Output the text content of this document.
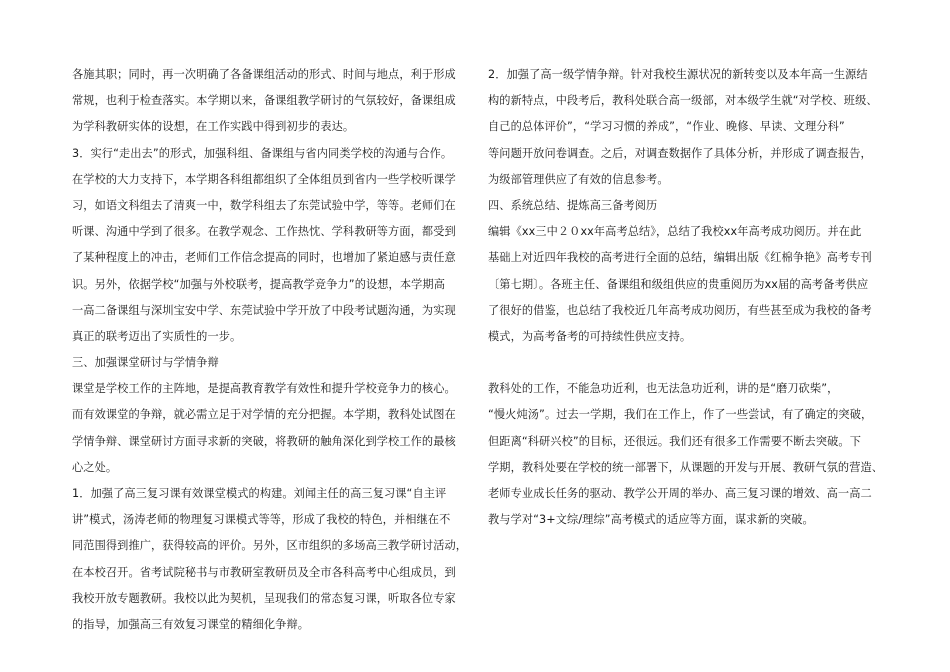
各施其职；同时，再一次明确了各备课组活动的形式、时间与地点，利于形成
常规，也利于检查落实。本学期以来，备课组教学研讨的气氛较好，备课组成
为学科教研实体的设想，在工作实践中得到初步的表达。
3．实行“走出去”的形式，加强科组、备课组与省内同类学校的沟通与合作。
在学校的大力支持下，本学期各科组都组织了全体组员到省内一些学校听课学
习，如语文科组去了清爽一中，数学科组去了东莞试验中学，等等。老师们在
听课、沟通中学到了很多。在教学观念、工作热忱、学科教研等方面，都受到
了某种程度上的冲击，老师们工作信念提高的同时，也增加了紧迫感与责任意
识。另外，依据学校“加强与外校联考，提高教学竞争力”的设想，本学期高
一高二备课组与深圳宝安中学、东莞试验中学开放了中段考试题沟通，为实现
真正的联考迈出了实质性的一步。
三、加强课堂研讨与学情争辩
课堂是学校工作的主阵地，是提高教育教学有效性和提升学校竞争力的核心。
而有效课堂的争辩，就必需立足于对学情的充分把握。本学期，教科处试图在
学情争辩、课堂研讨方面寻求新的突破，将教研的触角深化到学校工作的最核
心之处。
1．加强了高三复习课有效课堂模式的构建。刘闻主任的高三复习课“自主评
讲”模式，汤涛老师的物理复习课模式等等，形成了我校的特色，并相继在不
同范围得到推广，获得较高的评价。另外，区市组织的多场高三教学研讨活动，
在本校召开。省考试院秘书与市教研室教研员及全市各科高考中心组成员，到
我校开放专题教研。我校以此为契机，呈现我们的常态复习课，听取各位专家
的指导，加强高三有效复习课堂的精细化争辩。
2．加强了高一级学情争辩。针对我校生源状况的新转变以及本年高一生源结
构的新特点，中段考后，教科处联合高一级部，对本级学生就“对学校、班级、
自己的总体评价”，“学习习惯的养成”，“作业、晚修、早读、文理分科”
等问题开放问卷调查。之后，对调查数据作了具体分析，并形成了调查报告，
为级部管理供应了有效的信息参考。
四、系统总结、提炼高三备考阅历
编辑《xx三中２０xx年高考总结》，总结了我校xx年高考成功阅历。并在此
基础上对近四年我校的高考进行全面的总结，编辑出版《红棉争艳》高考专刊
〔第七期〕。各班主任、备课组和级组供应的贵重阅历为xx届的高考备考供应
了很好的借鉴，也总结了我校近几年高考成功阅历，有些甚至成为我校的备考
模式，为高考备考的可持续性供应支持。
教科处的工作，不能急功近利，也无法急功近利，讲的是“磨刀砍柴”，
“慢火炖汤”。过去一学期，我们在工作上，作了一些尝试，有了确定的突破，
但距离“科研兴校”的目标，还很远。我们还有很多工作需要不断去突破。下
学期，教科处要在学校的统一部署下，从课题的开发与开展、教研气氛的营造、
老师专业成长任务的驱动、教学公开周的举办、高三复习课的增效、高一高二
教与学对“3+文综/理综”高考模式的适应等方面，谋求新的突破。
